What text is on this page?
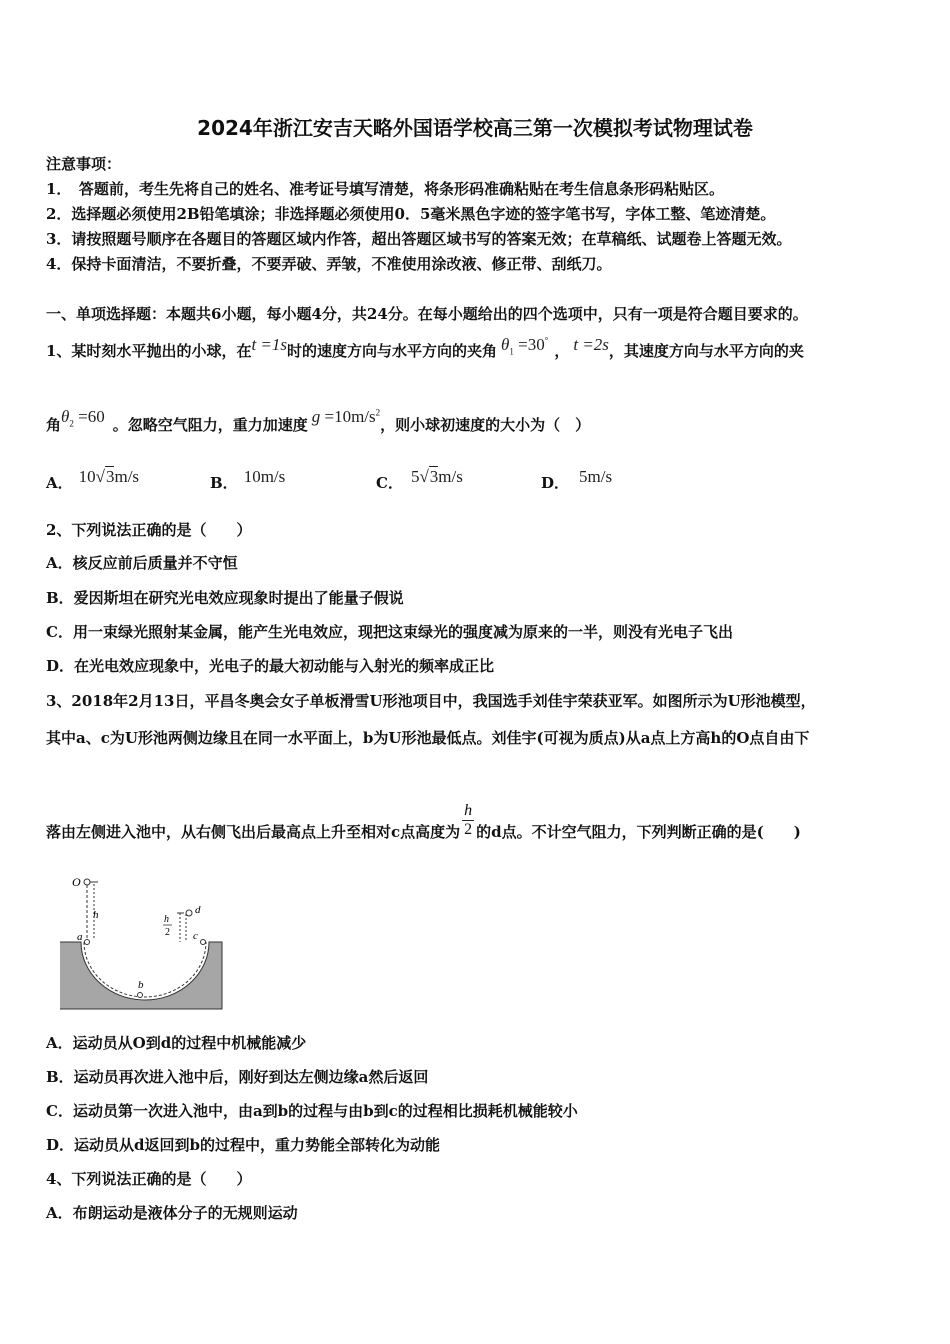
2024年浙江安吉天略外国语学校高三第一次模拟考试物理试卷
注意事项：
1．　答题前，考生先将自己的姓名、准考证号填写清楚，将条形码准确粘贴在考生信息条形码粘贴区。
2．选择题必须使用2B铅笔填涂；非选择题必须使用0．5毫米黑色字迹的签字笔书写，字体工整、笔迹清楚。
3．请按照题号顺序在各题目的答题区域内作答，超出答题区域书写的答案无效；在草稿纸、试题卷上答题无效。
4．保持卡面清洁，不要折叠，不要弄破、弄皱，不准使用涂改液、修正带、刮纸刀。
一、单项选择题：本题共6小题，每小题4分，共24分。在每小题给出的四个选项中，只有一项是符合题目要求的。
1、某时刻水平抛出的小球，在t =1s时的速度方向与水平方向的夹角 $\theta_1 =30^\circ$， t =2s，其速度方向与水平方向的夹
角$\theta_2 =60$ 。忽略空气阻力，重力加速度 $g =10m/s^2$，则小球初速度的大小为（　）
A． 10√3m/s	B． 10m/s	C． 5√3m/s	D． 5m/s
2、下列说法正确的是（　　）
A．核反应前后质量并不守恒
B．爱因斯坦在研究光电效应现象时提出了能量子假说
C．用一束绿光照射某金属，能产生光电效应，现把这束绿光的强度减为原来的一半，则没有光电子飞出
D．在光电效应现象中，光电子的最大初动能与入射光的频率成正比
3、2018年2月13日，平昌冬奥会女子单板滑雪U形池项目中，我国选手刘佳宇荣获亚军。如图所示为U形池模型，
其中a、c为U形池两侧边缘且在同一水平面上，b为U形池最低点。刘佳宇(可视为质点)从a点上方高h的O点自由下
落由左侧进入池中，从右侧飞出后最高点上升至相对c点高度为 $\frac{h}{2}$ 的d点。不计空气阻力，下列判断正确的是(　　)
O
h
a
b
c
d
h
2
A．运动员从O到d的过程中机械能减少
B．运动员再次进入池中后，刚好到达左侧边缘a然后返回
C．运动员第一次进入池中，由a到b的过程与由b到c的过程相比损耗机械能较小
D．运动员从d返回到b的过程中，重力势能全部转化为动能
4、下列说法正确的是（　　）
A．布朗运动是液体分子的无规则运动
